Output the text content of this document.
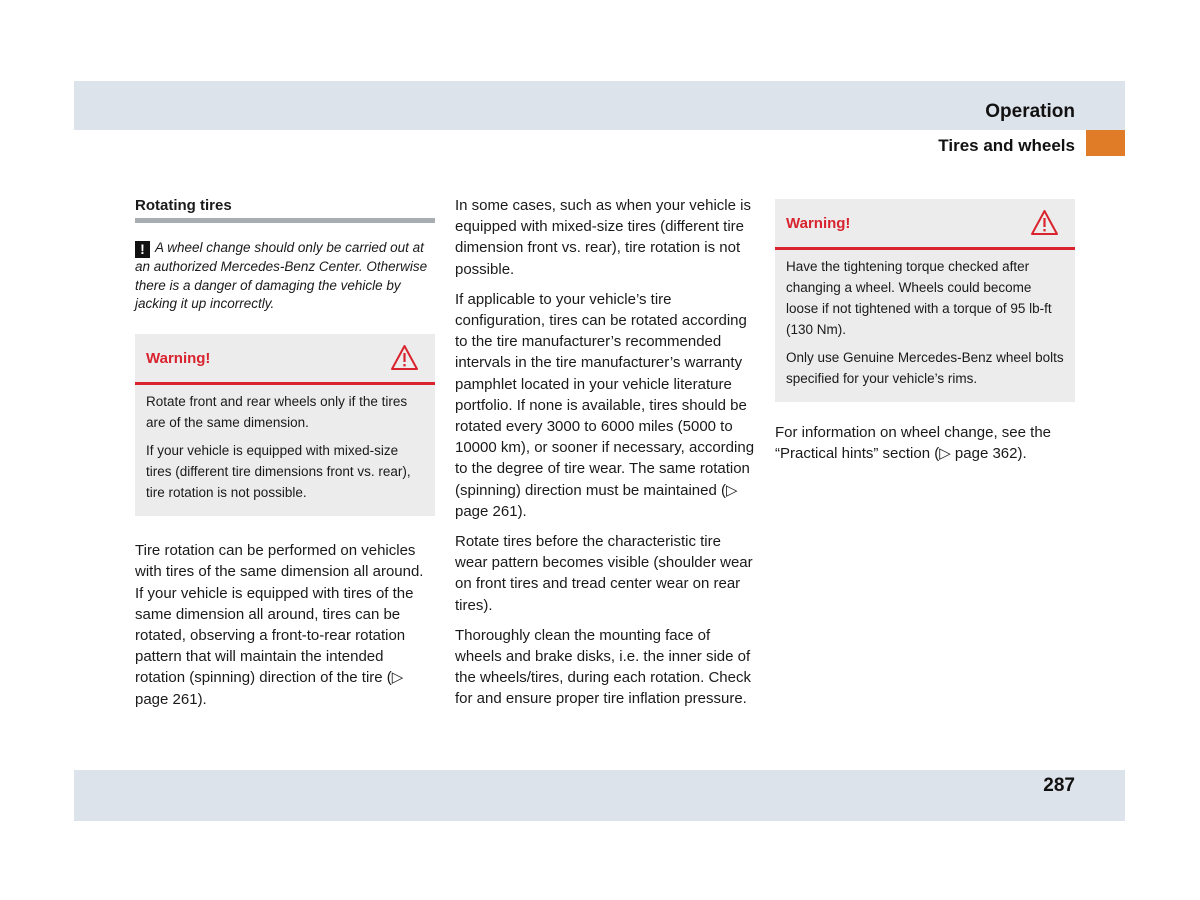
Operation
Tires and wheels
Rotating tires
! A wheel change should only be carried out at an authorized Mercedes-Benz Center. Otherwise there is a danger of damaging the vehicle by jacking it up incorrectly.
Warning!

Rotate front and rear wheels only if the tires are of the same dimension.

If your vehicle is equipped with mixed-size tires (different tire dimensions front vs. rear), tire rotation is not possible.

Tire rotation can be performed on vehicles with tires of the same dimension all around. If your vehicle is equipped with tires of the same dimension all around, tires can be rotated, observing a front-to-rear rotation pattern that will maintain the intended rotation (spinning) direction of the tire (▷ page 261).

In some cases, such as when your vehicle is equipped with mixed-size tires (different tire dimension front vs. rear), tire rotation is not possible.

If applicable to your vehicle’s tire configuration, tires can be rotated according to the tire manufacturer’s recommended intervals in the tire manufacturer’s warranty pamphlet located in your vehicle literature portfolio. If none is available, tires should be rotated every 3000 to 6000 miles (5000 to 10000 km), or sooner if necessary, according to the degree of tire wear. The same rotation (spinning) direction must be maintained (▷ page 261).

Rotate tires before the characteristic tire wear pattern becomes visible (shoulder wear on front tires and tread center wear on rear tires).

Thoroughly clean the mounting face of wheels and brake disks, i.e. the inner side of the wheels/tires, during each rotation. Check for and ensure proper tire inflation pressure.

Warning!

Have the tightening torque checked after changing a wheel. Wheels could become loose if not tightened with a torque of 95 lb-ft (130 Nm).

Only use Genuine Mercedes-Benz wheel bolts specified for your vehicle’s rims.

For information on wheel change, see the “Practical hints” section (▷ page 362).

287
